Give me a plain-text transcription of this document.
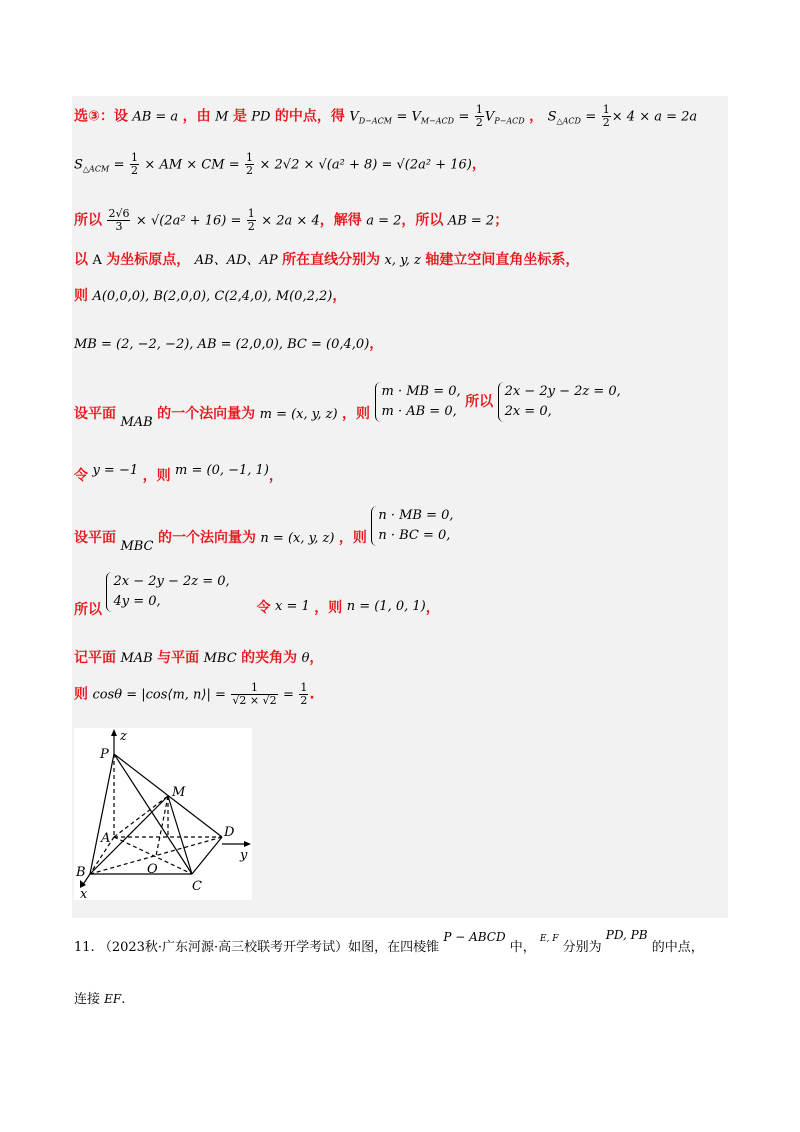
选③：设 AB = a ，由 M 是 PD 的中点，得 $V_{D-ACM} = V_{M-ACD} = \frac{1}{2} V_{P-ACD}$ ， $S_{\triangle ACD} = \frac{1}{2} \times 4 \times a = 2a$
$S_{\triangle ACM} = \frac{1}{2}$ × AM × CM = $\frac{1}{2} \times 2√2 \times √(a^2 + 8) = √(2a^2 + 16)$，
所以 $\frac{2√6}{3} \times √(2a^2 + 16) = \frac{1}{2} \times 2a \times 4$，解得 a = 2，所以 AB = 2；
以 A 为坐标原点， AB、AD、AP 所在直线分别为 x, y, z 轴建立空间直角坐标系，
则 A(0,0,0), B(2,0,0), C(2,4,0), M(0,2,2)，
MB = (2, −2, −2), AB = (2,0,0), BC = (0,4,0)，
设平面 MAB 的一个法向量为 m = (x, y, z) ，则
m · MB = 0,
m · AB = 0,
所以
2x − 2y − 2z = 0,
2x = 0,
令 y = −1 ，则 m = (0, −1, 1)，
设平面 MBC 的一个法向量为 n = (x, y, z) ，则
n · MB = 0,
n · BC = 0,
所以
2x − 2y − 2z = 0,
4y = 0,	令 x = 1 ，则 n = (1, 0, 1)，
记平面 MAB 与平面 MBC 的夹角为 θ，
则 cosθ = |cos⟨m, n⟩| = $\frac{1}{√2 \times √2} = \frac{1}{2}$ .
z
P
M
A	D
y
O
B
C
x
11. （2023秋·广东河源·高三校联考开学考试）如图，在四棱锥 P − ABCD 中， $^{E, F}$ 分别为 PD, PB 的中点，
连接 EF.
